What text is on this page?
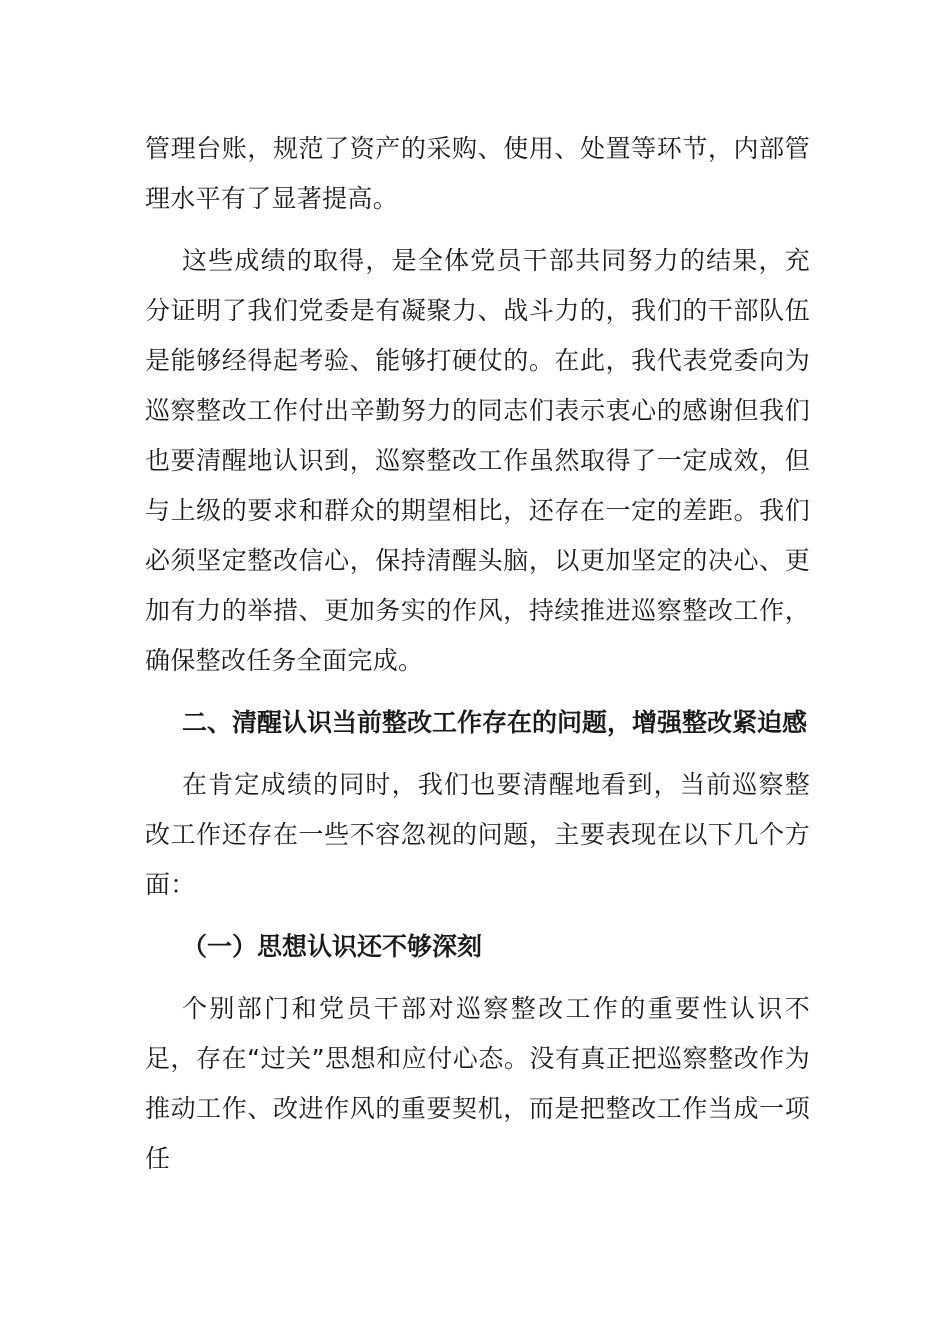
管理台账，规范了资产的采购、使用、处置等环节，内部管理水平有了显著提高。

这些成绩的取得，是全体党员干部共同努力的结果，充分证明了我们党委是有凝聚力、战斗力的，我们的干部队伍是能够经得起考验、能够打硬仗的。在此，我代表党委向为巡察整改工作付出辛勤努力的同志们表示衷心的感谢但我们也要清醒地认识到，巡察整改工作虽然取得了一定成效，但与上级的要求和群众的期望相比，还存在一定的差距。我们必须坚定整改信心，保持清醒头脑，以更加坚定的决心、更加有力的举措、更加务实的作风，持续推进巡察整改工作，确保整改任务全面完成。

二、清醒认识当前整改工作存在的问题，增强整改紧迫感

在肯定成绩的同时，我们也要清醒地看到，当前巡察整改工作还存在一些不容忽视的问题，主要表现在以下几个方面：

（一）思想认识还不够深刻

个别部门和党员干部对巡察整改工作的重要性认识不足，存在“过关”思想和应付心态。没有真正把巡察整改作为推动工作、改进作风的重要契机，而是把整改工作当成一项任
